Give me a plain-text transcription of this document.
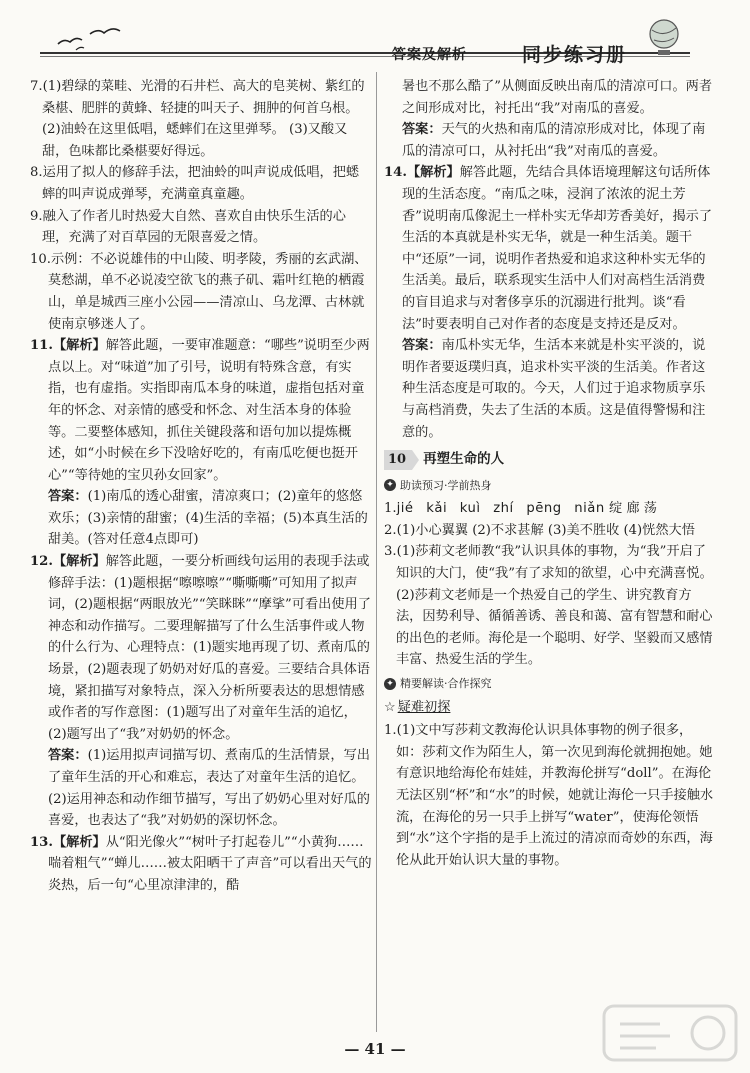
答案及解析	同步练习册

7.(1)碧绿的菜畦、光滑的石井栏、高大的皂荚树、紫红的桑椹、肥胖的黄蜂、轻捷的叫天子、拥肿的何首乌根。 (2)油蛉在这里低唱，蟋蟀们在这里弹琴。 (3)又酸又甜，色味都比桑椹要好得远。

8.运用了拟人的修辞手法，把油蛉的叫声说成低唱，把蟋蟀的叫声说成弹琴，充满童真童趣。

9.融入了作者儿时热爱大自然、喜欢自由快乐生活的心理，充满了对百草园的无限喜爱之情。

10.示例：不必说雄伟的中山陵、明孝陵，秀丽的玄武湖、莫愁湖，单不必说凌空欲飞的燕子矶、霜叶红艳的栖霞山，单是城西三座小公园——清凉山、乌龙潭、古林就使南京够迷人了。

11.【解析】解答此题，一要审准题意：“哪些”说明至少两点以上。对“味道”加了引号，说明有特殊含意，有实指，也有虚指。实指即南瓜本身的味道，虚指包括对童年的怀念、对亲情的感受和怀念、对生活本身的体验等。二要整体感知，抓住关键段落和语句加以提炼概述，如“小时候在乡下没啥好吃的，有南瓜吃便也挺开心”“等待她的宝贝孙女回家”。

答案：(1)南瓜的透心甜蜜，清凉爽口；(2)童年的悠悠欢乐；(3)亲情的甜蜜；(4)生活的幸福；(5)本真生活的甜美。(答对任意4点即可)

12.【解析】解答此题，一要分析画线句运用的表现手法或修辞手法：(1)题根据“嚓嚓嚓”“嘶嘶嘶”可知用了拟声词，(2)题根据“两眼放光”“笑眯眯”“摩挲”可看出使用了神态和动作描写。二要理解描写了什么生活事件或人物的什么行为、心理特点：(1)题实地再现了切、煮南瓜的场景，(2)题表现了奶奶对好瓜的喜爱。三要结合具体语境，紧扣描写对象特点，深入分析所要表达的思想情感或作者的写作意图：(1)题写出了对童年生活的追忆，(2)题写出了“我”对奶奶的怀念。

答案：(1)运用拟声词描写切、煮南瓜的生活情景，写出了童年生活的开心和难忘，表达了对童年生活的追忆。

(2)运用神态和动作细节描写，写出了奶奶心里对好瓜的喜爱，也表达了“我”对奶奶的深切怀念。

13.【解析】从“阳光像火”“树叶子打起卷儿”“小黄狗……喘着粗气”“蝉儿……被太阳晒干了声音”可以看出天气的炎热，后一句“心里凉津津的，酷

暑也不那么酷了”从侧面反映出南瓜的清凉可口。两者之间形成对比，衬托出“我”对南瓜的喜爱。

答案：天气的火热和南瓜的清凉形成对比，体现了南瓜的清凉可口，从衬托出“我”对南瓜的喜爱。

14.【解析】解答此题，先结合具体语境理解这句话所体现的生活态度。“南瓜之味，浸润了浓浓的泥土芳香”说明南瓜像泥土一样朴实无华却芳香美好，揭示了生活的本真就是朴实无华，就是一种生活美。题干中“还原”一词，说明作者热爱和追求这种朴实无华的生活美。最后，联系现实生活中人们对高档生活消费的盲目追求与对奢侈享乐的沉溺进行批判。谈“看法”时要表明自己对作者的态度是支持还是反对。

答案：南瓜朴实无华，生活本来就是朴实平淡的，说明作者要返璞归真，追求朴实平淡的生活美。作者这种生活态度是可取的。今天，人们过于追求物质享乐与高档消费，失去了生活的本质。这是值得警惕和注意的。

10	再塑生命的人
✦ 助读预习·学前热身

1.jié kǎi kuì zhí pēng niǎn 绽 廊 荡

2.(1)小心翼翼 (2)不求甚解 (3)美不胜收 (4)恍然大悟

3.(1)莎莉文老师教“我”认识具体的事物，为“我”开启了知识的大门，使“我”有了求知的欲望，心中充满喜悦。

(2)莎莉文老师是一个热爱自己的学生、讲究教育方法，因势利导、循循善诱、善良和蔼、富有智慧和耐心的出色的老师。海伦是一个聪明、好学、坚毅而又感情丰富、热爱生活的学生。

✦ 精要解读·合作探究
☆ 疑难初探

1.(1)文中写莎莉文教海伦认识具体事物的例子很多，如：莎莉文作为陌生人，第一次见到海伦就拥抱她。她有意识地给海伦布娃娃，并教海伦拼写“doll”。在海伦无法区别“杯”和“水”的时候，她就让海伦一只手接触水流，在海伦的另一只手上拼写“water”，使海伦领悟到“水”这个字指的是手上流过的清凉而奇妙的东西，海伦从此开始认识大量的事物。

— 41 —
